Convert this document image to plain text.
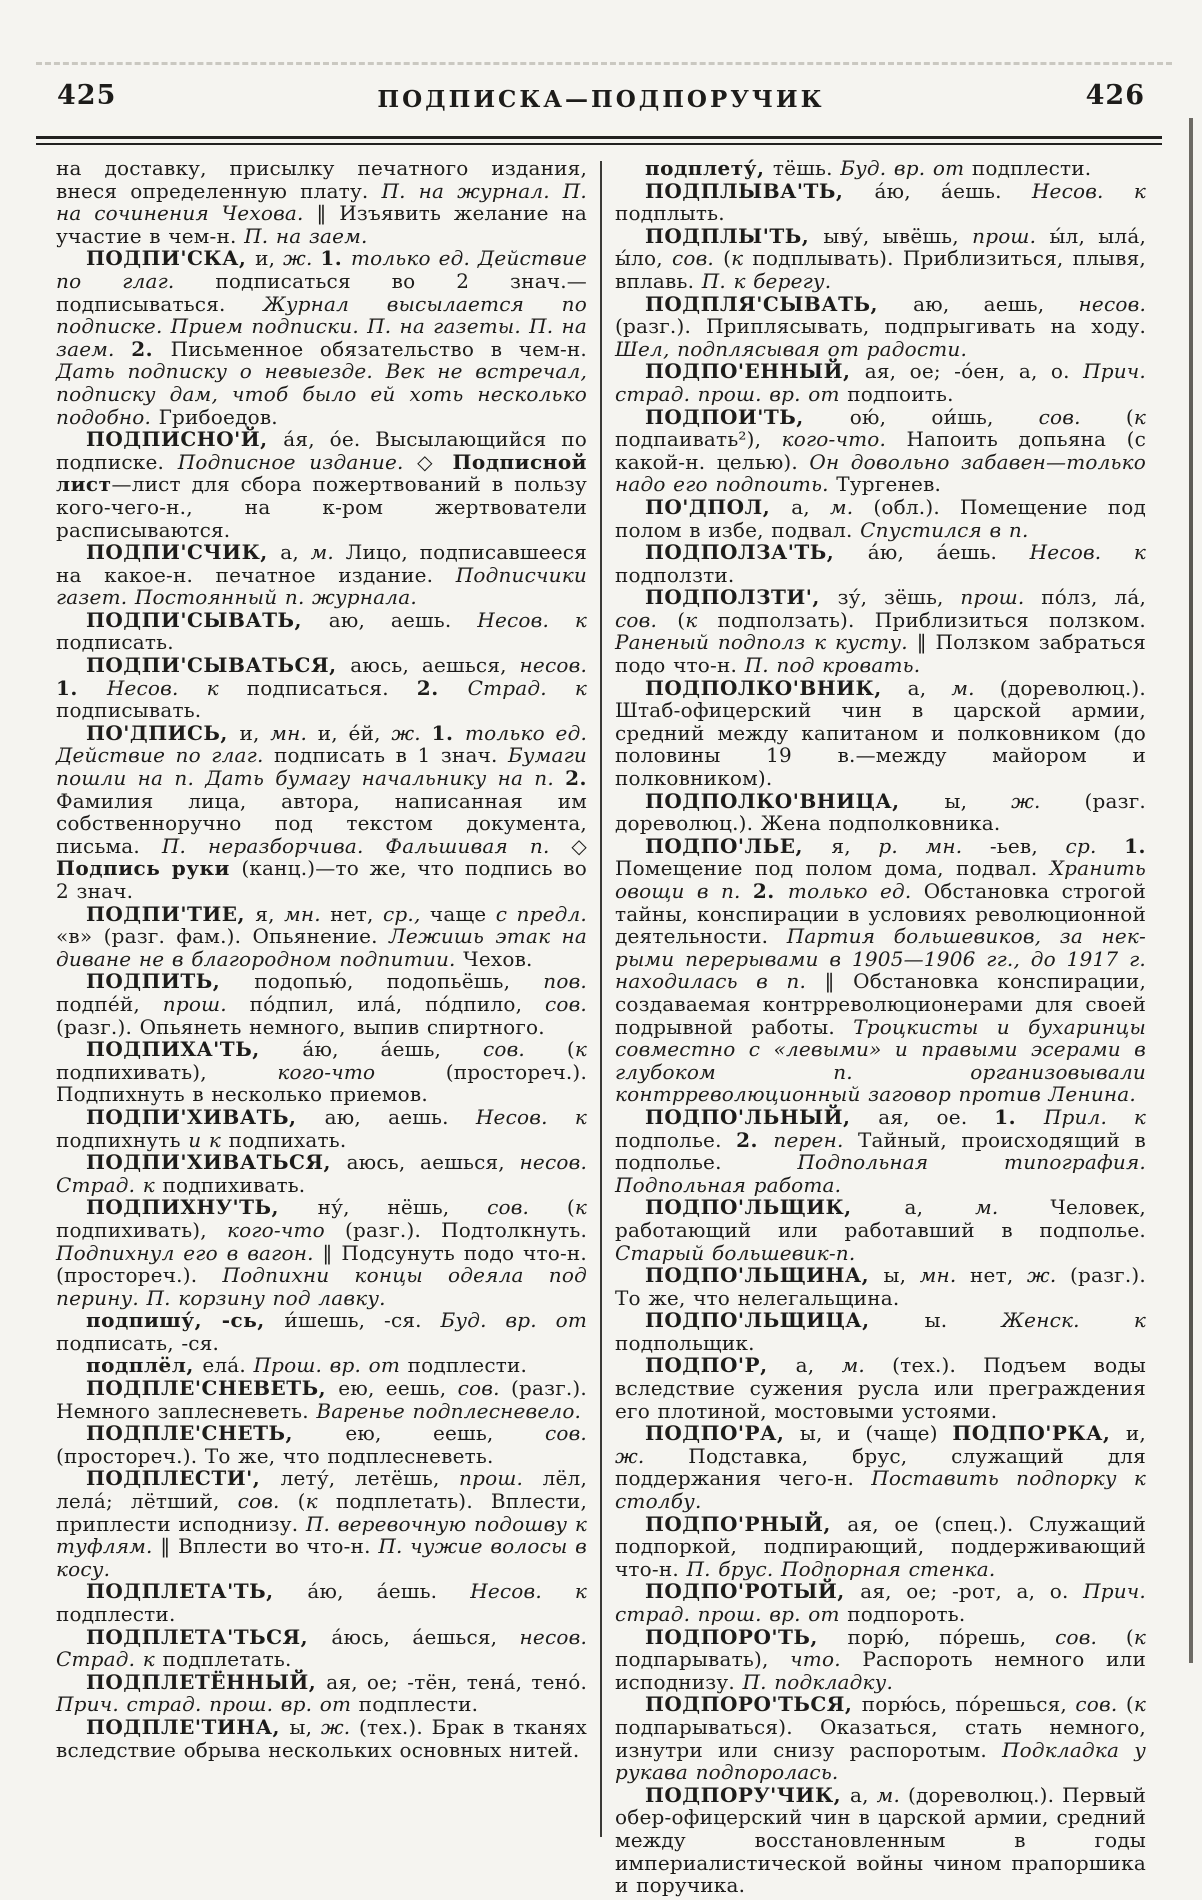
425	ПОДПИСКА—ПОДПОРУЧИК	426

на доставку, присылку печатного издания, внеся определенную плату. П. на журнал. П. на сочинения Чехова. ‖ Изъявить желание на участие в чем-н. П. на заем.

ПОДПИ'СКА, и, ж. 1. только ед. Действие по глаг. подписаться во 2 знач.—подписываться. Журнал высылается по подписке. Прием подписки. П. на газеты. П. на заем. 2. Письменное обязательство в чем-н. Дать подписку о невыезде. Век не встречал, подписку дам, чтоб было ей хоть несколько подобно. Грибоедов.

ПОДПИСНО'Й, а́я, о́е. Высылающийся по подписке. Подписное издание. ◇ Подписной лист—лист для сбора пожертвований в пользу кого-чего-н., на к-ром жертвователи расписываются.

ПОДПИ'СЧИК, а, м. Лицо, подписавшееся на какое-н. печатное издание. Подписчики газет. Постоянный п. журнала.

ПОДПИ'СЫВАТЬ, аю, аешь. Несов. к подписать.

ПОДПИ'СЫВАТЬСЯ, аюсь, аешься, несов. 1. Несов. к подписаться. 2. Страд. к подписывать.

ПО'ДПИСЬ, и, мн. и, е́й, ж. 1. только ед. Действие по глаг. подписать в 1 знач. Бумаги пошли на п. Дать бумагу начальнику на п. 2. Фамилия лица, автора, написанная им собственноручно под текстом документа, письма. П. неразборчива. Фальшивая п. ◇ Подпись руки (канц.)—то же, что подпись во 2 знач.

ПОДПИ'ТИЕ, я, мн. нет, ср., чаще с предл. «в» (разг. фам.). Опьянение. Лежишь этак на диване не в благородном подпитии. Чехов.

ПОДПИТЬ, подопью́, подопьёшь, пов. подпе́й, прош. по́дпил, ила́, по́дпило, сов. (разг.). Опьянеть немного, выпив спиртного.

ПОДПИХА'ТЬ, а́ю, а́ешь, сов. (к подпихивать), кого-что (простореч.). Подпихнуть в несколько приемов.

ПОДПИ'ХИВАТЬ, аю, аешь. Несов. к подпихнуть и к подпихать.

ПОДПИ'ХИВАТЬСЯ, аюсь, аешься, несов. Страд. к подпихивать.

ПОДПИХНУ'ТЬ, ну́, нёшь, сов. (к подпихивать), кого-что (разг.). Подтолкнуть. Подпихнул его в вагон. ‖ Подсунуть подо что-н. (простореч.). Подпихни концы одеяла под перину. П. корзину под лавку.

подпишу́, -сь, и́шешь, -ся. Буд. вр. от подписать, -ся.

подплёл, ела́. Прош. вр. от подплести.

ПОДПЛЕ'СНЕВЕТЬ, ею, еешь, сов. (разг.). Немного заплесневеть. Варенье подплесневело.

ПОДПЛЕ'СНЕТЬ, ею, еешь, сов. (простореч.). То же, что подплесневеть.

ПОДПЛЕСТИ', лету́, летёшь, прош. лёл, лела́; лётший, сов. (к подплетать). Вплести, приплести исподнизу. П. веревочную подошву к туфлям. ‖ Вплести во что-н. П. чужие волосы в косу.

ПОДПЛЕТА'ТЬ, а́ю, а́ешь. Несов. к подплести.

ПОДПЛЕТА'ТЬСЯ, а́юсь, а́ешься, несов. Страд. к подплетать.

ПОДПЛЕТЁННЫЙ, ая, ое; -тён, тена́, тено́. Прич. страд. прош. вр. от подплести.

ПОДПЛЕ'ТИНА, ы, ж. (тех.). Брак в тканях вследствие обрыва нескольких основных нитей.

подплету́, тёшь. Буд. вр. от подплести.

ПОДПЛЫВА'ТЬ, а́ю, а́ешь. Несов. к подплыть.

ПОДПЛЫ'ТЬ, ыву́, ывёшь, прош. ы́л, ыла́, ы́ло, сов. (к подплывать). Приблизиться, плывя, вплавь. П. к берегу.

ПОДПЛЯ'СЫВАТЬ, аю, аешь, несов. (разг.). Приплясывать, подпрыгивать на ходу. Шел, подплясывая от радости.

ПОДПО'ЕННЫЙ, ая, ое; -о́ен, а, о. Прич. страд. прош. вр. от подпоить.

ПОДПОИ'ТЬ, ою́, ои́шь, сов. (к подпаивать²), кого-что. Напоить допьяна (с какой-н. целью). Он довольно забавен—только надо его подпоить. Тургенев.

ПО'ДПОЛ, а, м. (обл.). Помещение под полом в избе, подвал. Спустился в п.

ПОДПОЛЗА'ТЬ, а́ю, а́ешь. Несов. к подползти.

ПОДПОЛЗТИ', зу́, зёшь, прош. по́лз, ла́, сов. (к подползать). Приблизиться ползком. Раненый подполз к кусту. ‖ Ползком забраться подо что-н. П. под кровать.

ПОДПОЛКО'ВНИК, а, м. (дореволюц.). Штаб-офицерский чин в царской армии, средний между капитаном и полковником (до половины 19 в.—между майором и полковником).

ПОДПОЛКО'ВНИЦА, ы, ж. (разг. дореволюц.). Жена подполковника.

ПОДПО'ЛЬЕ, я, р. мн. -ьев, ср. 1. Помещение под полом дома, подвал. Хранить овощи в п. 2. только ед. Обстановка строгой тайны, конспирации в условиях революционной деятельности. Партия большевиков, за нек-рыми перерывами в 1905—1906 гг., до 1917 г. находилась в п. ‖ Обстановка конспирации, создаваемая контрреволюционерами для своей подрывной работы. Троцкисты и бухаринцы совместно с «левыми» и правыми эсерами в глубоком п. организовывали контрреволюционный заговор против Ленина.

ПОДПО'ЛЬНЫЙ, ая, ое. 1. Прил. к подполье. 2. перен. Тайный, происходящий в подполье. Подпольная типография. Подпольная работа.

ПОДПО'ЛЬЩИК, а, м. Человек, работающий или работавший в подполье. Старый большевик-п.

ПОДПО'ЛЬЩИНА, ы, мн. нет, ж. (разг.). То же, что нелегальщина.

ПОДПО'ЛЬЩИЦА, ы. Женск. к подпольщик.

ПОДПО'Р, а, м. (тех.). Подъем воды вследствие сужения русла или преграждения его плотиной, мостовыми устоями.

ПОДПО'РА, ы, и (чаще) ПОДПО'РКА, и, ж. Подставка, брус, служащий для поддержания чего-н. Поставить подпорку к столбу.

ПОДПО'РНЫЙ, ая, ое (спец.). Служащий подпоркой, подпирающий, поддерживающий что-н. П. брус. Подпорная стенка.

ПОДПО'РОТЫЙ, ая, ое; -рот, а, о. Прич. страд. прош. вр. от подпороть.

ПОДПОРО'ТЬ, порю́, по́решь, сов. (к подпарывать), что. Распороть немного или исподнизу. П. подкладку.

ПОДПОРО'ТЬСЯ, порю́сь, по́решься, сов. (к подпарываться). Оказаться, стать немного, изнутри или снизу распоротым. Подкладка у рукава подпоролась.

ПОДПОРУ'ЧИК, а, м. (дореволюц.). Первый обер-офицерский чин в царской армии, средний между восстановленным в годы империалистической войны чином прапоршика и поручика.
